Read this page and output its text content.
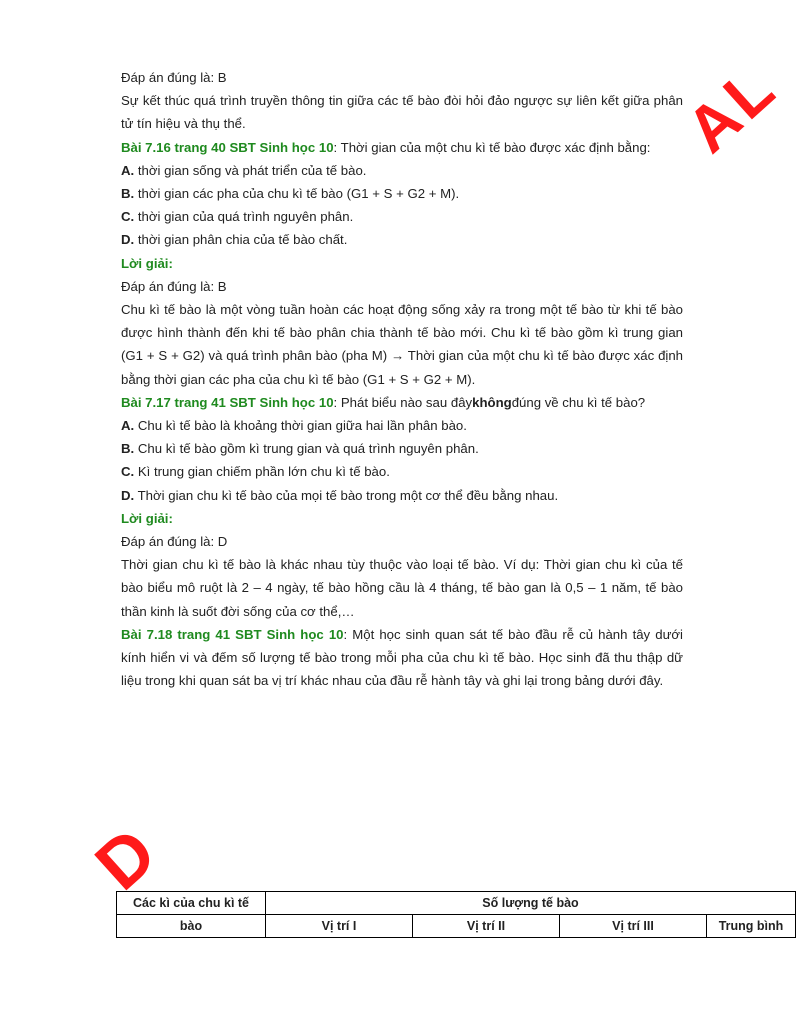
Đáp án đúng là: B

Sự kết thúc quá trình truyền thông tin giữa các tế bào đòi hỏi đảo ngược sự liên kết giữa phân tử tín hiệu và thụ thể.

Bài 7.16 trang 40 SBT Sinh học 10: Thời gian của một chu kì tế bào được xác định bằng:

A. thời gian sống và phát triển của tế bào.

B. thời gian các pha của chu kì tế bào (G1 + S + G2 + M).

C. thời gian của quá trình nguyên phân.

D. thời gian phân chia của tế bào chất.

Lời giải:

Đáp án đúng là: B

Chu kì tế bào là một vòng tuần hoàn các hoạt động sống xảy ra trong một tế bào từ khi tế bào được hình thành đến khi tế bào phân chia thành tế bào mới. Chu kì tế bào gồm kì trung gian (G1 + S + G2) và quá trình phân bào (pha M) → Thời gian của một chu kì tế bào được xác định bằng thời gian các pha của chu kì tế bào (G1 + S + G2 + M).

Bài 7.17 trang 41 SBT Sinh học 10: Phát biểu nào sau đâykhôngđúng về chu kì tế bào?

A. Chu kì tế bào là khoảng thời gian giữa hai lần phân bào.

B. Chu kì tế bào gồm kì trung gian và quá trình nguyên phân.

C. Kì trung gian chiếm phần lớn chu kì tế bào.

D. Thời gian chu kì tế bào của mọi tế bào trong một cơ thể đều bằng nhau.

Lời giải:

Đáp án đúng là: D

Thời gian chu kì tế bào là khác nhau tùy thuộc vào loại tế bào. Ví dụ: Thời gian chu kì của tế bào biểu mô ruột là 2 – 4 ngày, tế bào hồng cầu là 4 tháng, tế bào gan là 0,5 – 1 năm, tế bào thần kinh là suốt đời sống của cơ thể,…

Bài 7.18 trang 41 SBT Sinh học 10: Một học sinh quan sát tế bào đầu rễ củ hành tây dưới kính hiển vi và đếm số lượng tế bào trong mỗi pha của chu kì tế bào. Học sinh đã thu thập dữ liệu trong khi quan sát ba vị trí khác nhau của đầu rễ hành tây và ghi lại trong bảng dưới đây.

Các kì của chu kì tế	Số lượng tế bào			
bào	Vị trí I	Vị trí II	Vị trí III	Trung bình
AL
D
